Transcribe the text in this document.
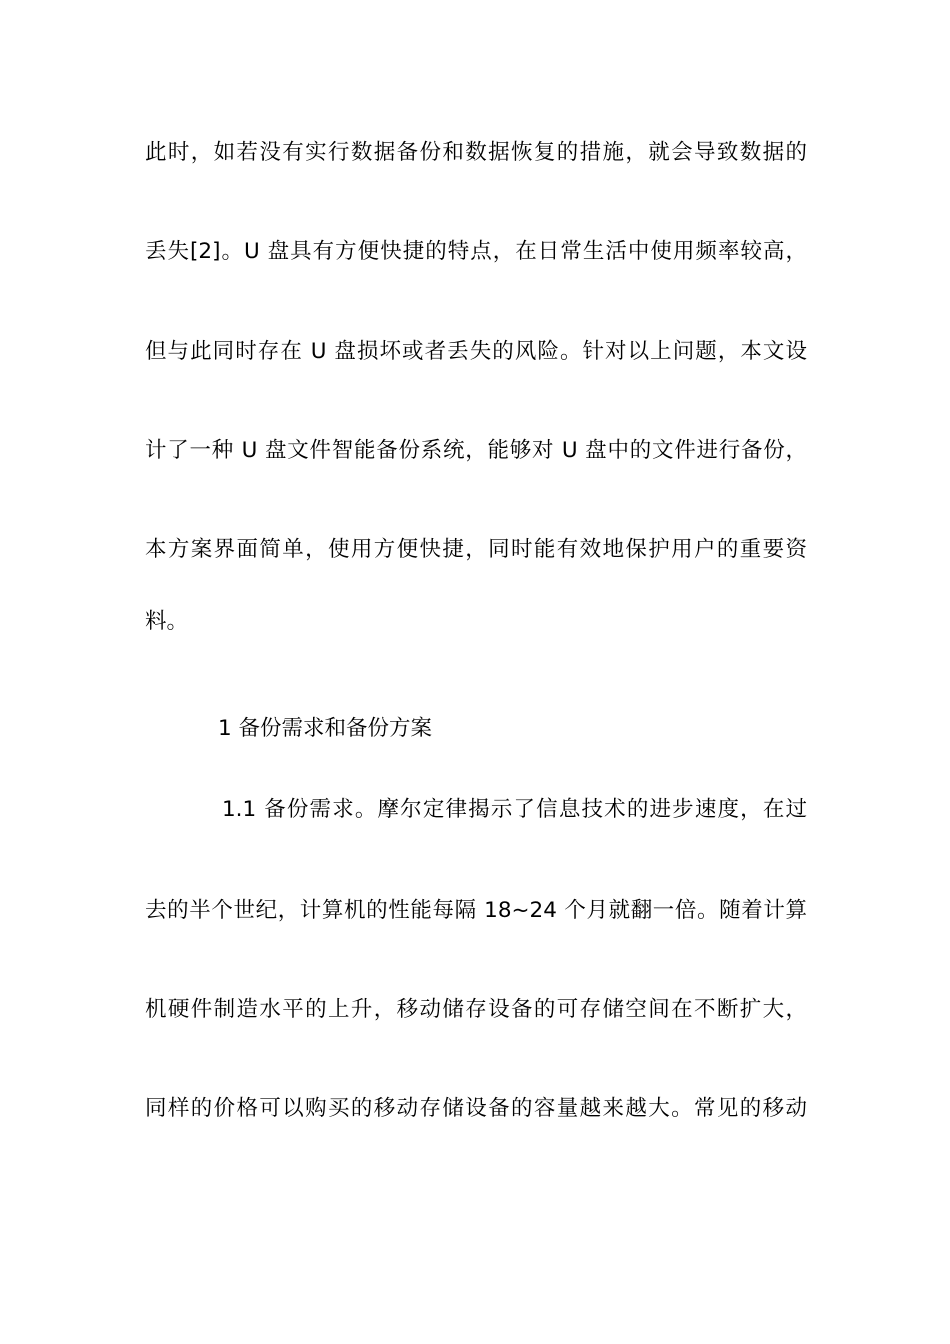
此时，如若没有实行数据备份和数据恢复的措施，就会导致数据的
丢失[2]。U 盘具有方便快捷的特点，在日常生活中使用频率较高，
但与此同时存在 U 盘损坏或者丢失的风险。针对以上问题，本文设
计了一种 U 盘文件智能备份系统，能够对 U 盘中的文件进行备份，
本方案界面简单，使用方便快捷，同时能有效地保护用户的重要资
料。
1 备份需求和备份方案
1.1 备份需求。摩尔定律揭示了信息技术的进步速度，在过
去的半个世纪，计算机的性能每隔 18~24 个月就翻一倍。随着计算
机硬件制造水平的上升，移动储存设备的可存储空间在不断扩大，
同样的价格可以购买的移动存储设备的容量越来越大。常见的移动
